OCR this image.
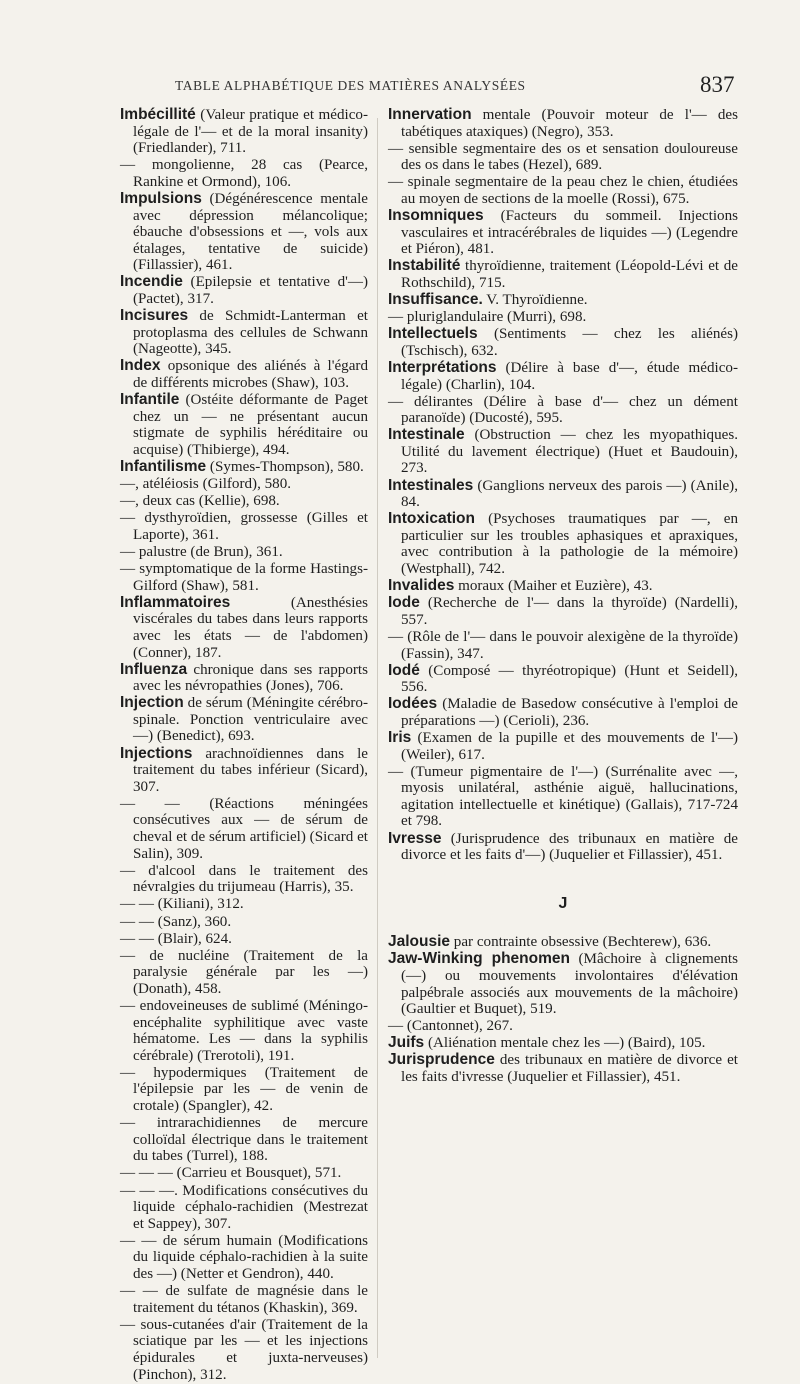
TABLE ALPHABÉTIQUE DES MATIÈRES ANALYSÉES	837
Imbécillité (Valeur pratique et médico-légale de l'— et de la moral insanity) (Friedlander), 711.
— mongolienne, 28 cas (Pearce, Rankine et Ormond), 106.
Impulsions (Dégénérescence mentale avec dépression mélancolique; ébauche d'obsessions et —, vols aux étalages, tentative de suicide) (Fillassier), 461.
Incendie (Epilepsie et tentative d'—) (Pactet), 317.
Incisures de Schmidt-Lanterman et protoplasma des cellules de Schwann (Nageotte), 345.
Index opsonique des aliénés à l'égard de différents microbes (Shaw), 103.
Infantile (Ostéite déformante de Paget chez un — ne présentant aucun stigmate de syphilis héréditaire ou acquise) (Thibierge), 494.
Infantilisme (Symes-Thompson), 580.
—, atéléiosis (Gilford), 580.
—, deux cas (Kellie), 698.
— dysthyroïdien, grossesse (Gilles et Laporte), 361.
— palustre (de Brun), 361.
— symptomatique de la forme Hastings-Gilford (Shaw), 581.
Inflammatoires (Anesthésies viscérales du tabes dans leurs rapports avec les états — de l'abdomen) (Conner), 187.
Influenza chronique dans ses rapports avec les névropathies (Jones), 706.
Injection de sérum (Méningite cérébro-spinale. Ponction ventriculaire avec —) (Benedict), 693.
Injections arachnoïdiennes dans le traitement du tabes inférieur (Sicard), 307.
— — (Réactions méningées consécutives aux — de sérum de cheval et de sérum artificiel) (Sicard et Salin), 309.
— d'alcool dans le traitement des névralgies du trijumeau (Harris), 35.
— — (Kiliani), 312.
— — (Sanz), 360.
— — (Blair), 624.
— de nucléine (Traitement de la paralysie générale par les —) (Donath), 458.
— endoveineuses de sublimé (Méningo-encéphalite syphilitique avec vaste hématome. Les — dans la syphilis cérébrale) (Trerotoli), 191.
— hypodermiques (Traitement de l'épilepsie par les — de venin de crotale) (Spangler), 42.
— intrarachidiennes de mercure colloïdal électrique dans le traitement du tabes (Turrel), 188.
— — — (Carrieu et Bousquet), 571.
— — —. Modifications consécutives du liquide céphalo-rachidien (Mestrezat et Sappey), 307.
— — de sérum humain (Modifications du liquide céphalo-rachidien à la suite des —) (Netter et Gendron), 440.
— — de sulfate de magnésie dans le traitement du tétanos (Khaskin), 369.
— sous-cutanées d'air (Traitement de la sciatique par les — et les injections épidurales et juxta-nerveuses) (Pinchon), 312.
Innervation mentale (Pouvoir moteur de l'— des tabétiques ataxiques) (Negro), 353.
— sensible segmentaire des os et sensation douloureuse des os dans le tabes (Hezel), 689.
— spinale segmentaire de la peau chez le chien, étudiées au moyen de sections de la moelle (Rossi), 675.
Insomniques (Facteurs du sommeil. Injections vasculaires et intracérébrales de liquides —) (Legendre et Piéron), 481.
Instabilité thyroïdienne, traitement (Léopold-Lévi et de Rothschild), 715.
Insuffisance. V. Thyroïdienne.
— pluriglandulaire (Murri), 698.
Intellectuels (Sentiments — chez les aliénés) (Tschisch), 632.
Interprétations (Délire à base d'—, étude médico-légale) (Charlin), 104.
— délirantes (Délire à base d'— chez un dément paranoïde) (Ducosté), 595.
Intestinale (Obstruction — chez les myopathiques. Utilité du lavement électrique) (Huet et Baudouin), 273.
Intestinales (Ganglions nerveux des parois —) (Anile), 84.
Intoxication (Psychoses traumatiques par —, en particulier sur les troubles aphasiques et apraxiques, avec contribution à la pathologie de la mémoire) (Westphall), 742.
Invalides moraux (Maiher et Euzière), 43.
Iode (Recherche de l'— dans la thyroïde) (Nardelli), 557.
— (Rôle de l'— dans le pouvoir alexigène de la thyroïde) (Fassin), 347.
Iodé (Composé — thyréotropique) (Hunt et Seidell), 556.
Iodées (Maladie de Basedow consécutive à l'emploi de préparations —) (Cerioli), 236.
Iris (Examen de la pupille et des mouvements de l'—) (Weiler), 617.
— (Tumeur pigmentaire de l'—) (Surrénalite avec —, myosis unilatéral, asthénie aiguë, hallucinations, agitation intellectuelle et kinétique) (Gallais), 717-724 et 798.
Ivresse (Jurisprudence des tribunaux en matière de divorce et les faits d'—) (Juquelier et Fillassier), 451.
J
Jalousie par contrainte obsessive (Bechterew), 636.
Jaw-Winking phenomen (Mâchoire à clignements (—) ou mouvements involontaires d'élévation palpébrale associés aux mouvements de la mâchoire) (Gaultier et Buquet), 519.
— (Cantonnet), 267.
Juifs (Aliénation mentale chez les —) (Baird), 105.
Jurisprudence des tribunaux en matière de divorce et les faits d'ivresse (Juquelier et Fillassier), 451.
